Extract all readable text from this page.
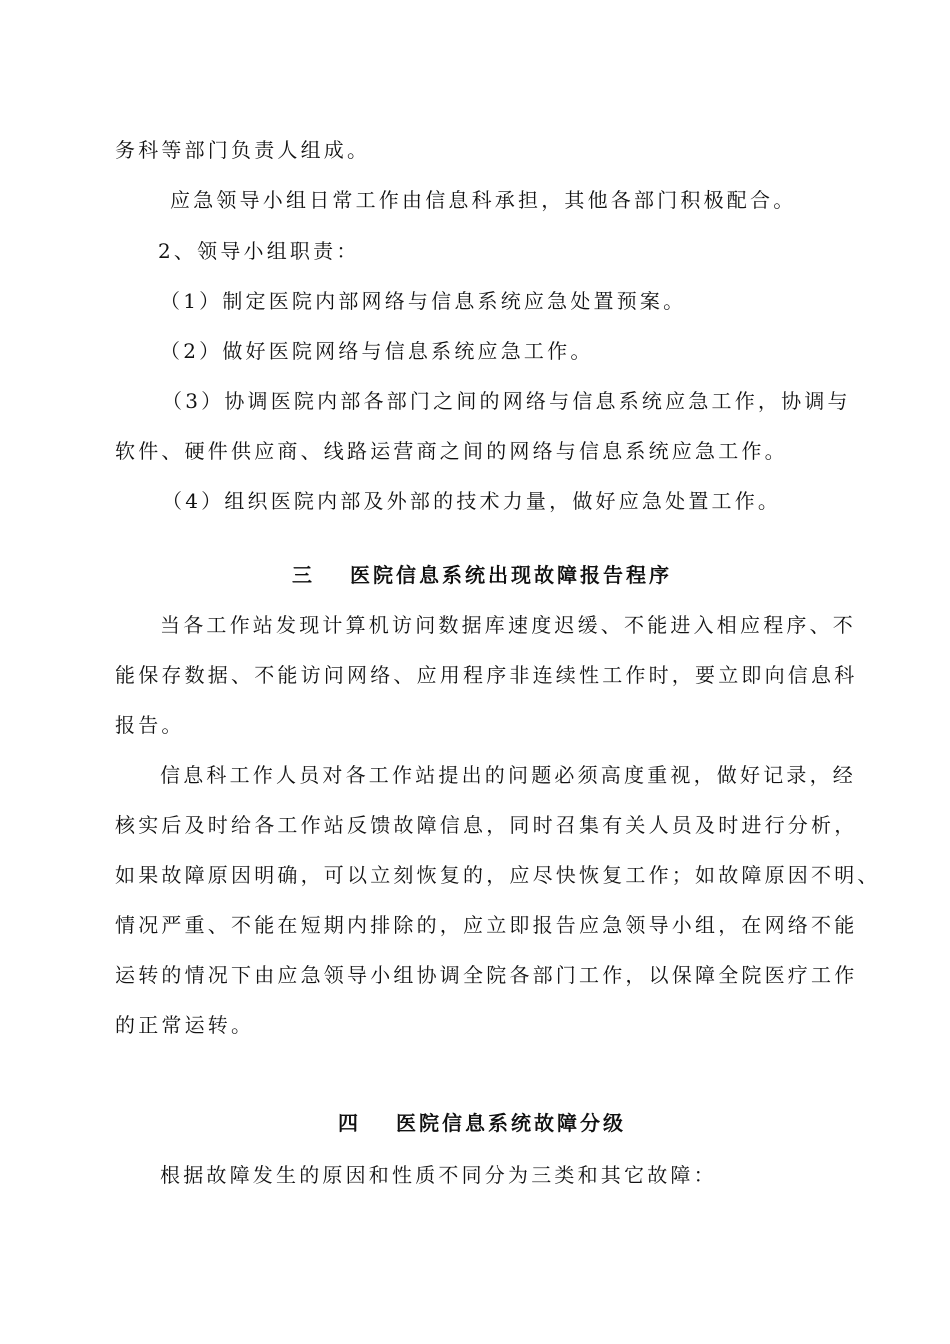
务科等部门负责人组成。
应急领导小组日常工作由信息科承担，其他各部门积极配合。
2、领导小组职责：
（1）制定医院内部网络与信息系统应急处置预案。
（2）做好医院网络与信息系统应急工作。
（3）协调医院内部各部门之间的网络与信息系统应急工作，协调与
软件、硬件供应商、线路运营商之间的网络与信息系统应急工作。
（4）组织医院内部及外部的技术力量，做好应急处置工作。
三 医院信息系统出现故障报告程序
当各工作站发现计算机访问数据库速度迟缓、不能进入相应程序、不
能保存数据、不能访问网络、应用程序非连续性工作时，要立即向信息科
报告。
信息科工作人员对各工作站提出的问题必须高度重视，做好记录，经
核实后及时给各工作站反馈故障信息，同时召集有关人员及时进行分析，
如果故障原因明确，可以立刻恢复的，应尽快恢复工作；如故障原因不明、
情况严重、不能在短期内排除的，应立即报告应急领导小组，在网络不能
运转的情况下由应急领导小组协调全院各部门工作，以保障全院医疗工作
的正常运转。
四 医院信息系统故障分级
根据故障发生的原因和性质不同分为三类和其它故障：
